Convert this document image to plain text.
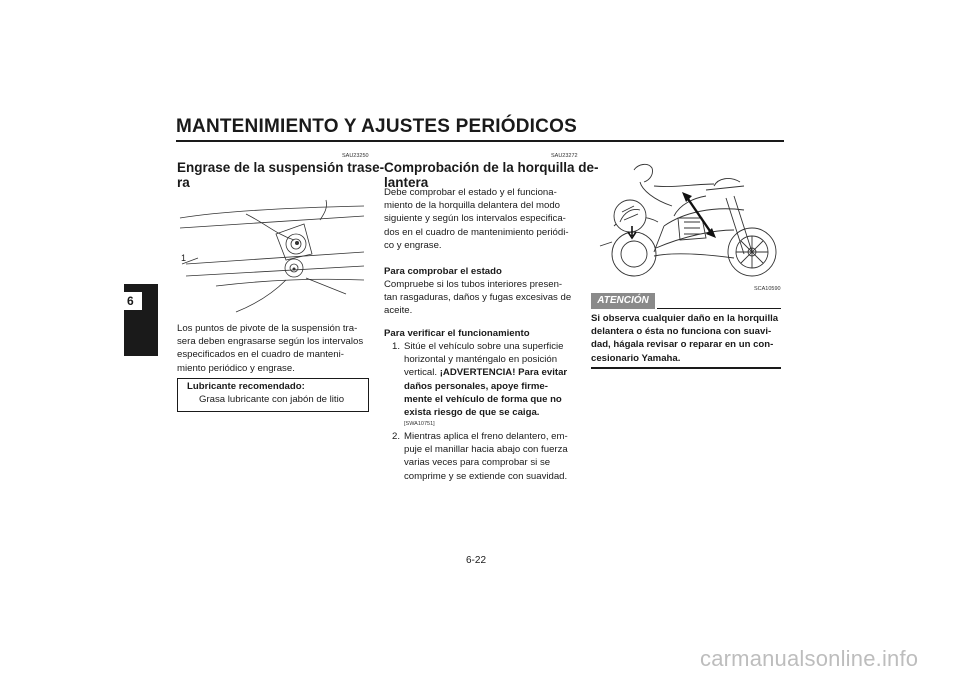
MANTENIMIENTO Y AJUSTES PERIÓDICOS
6
SAU23250
Engrase de la suspensión trase-
ra
1
Los puntos de pivote de la suspensión tra-
sera deben engrasarse según los intervalos
especificados en el cuadro de manteni-
miento periódico y engrase.
Lubricante recomendado:
Grasa lubricante con jabón de litio
SAU23272
Comprobación de la horquilla de-
lantera
Debe comprobar el estado y el funciona-
miento de la horquilla delantera del modo
siguiente y según los intervalos especifica-
dos en el cuadro de mantenimiento periódi-
co y engrase.
Para comprobar el estado
Compruebe si los tubos interiores presen-
tan rasgaduras, daños y fugas excesivas de
aceite.
Para verificar el funcionamiento
1. Sitúe el vehículo sobre una superficie
horizontal y manténgalo en posición
vertical. ¡ADVERTENCIA! Para evitar
daños personales, apoye firme-
mente el vehículo de forma que no
exista riesgo de que se caiga.
[SWA10751]
2. Mientras aplica el freno delantero, em-
puje el manillar hacia abajo con fuerza
varias veces para comprobar si se
comprime y se extiende con suavidad.
SCA10590
ATENCIÓN
Si observa cualquier daño en la horquilla
delantera o ésta no funciona con suavi-
dad, hágala revisar o reparar en un con-
cesionario Yamaha.
6-22
carmanualsonline.info
